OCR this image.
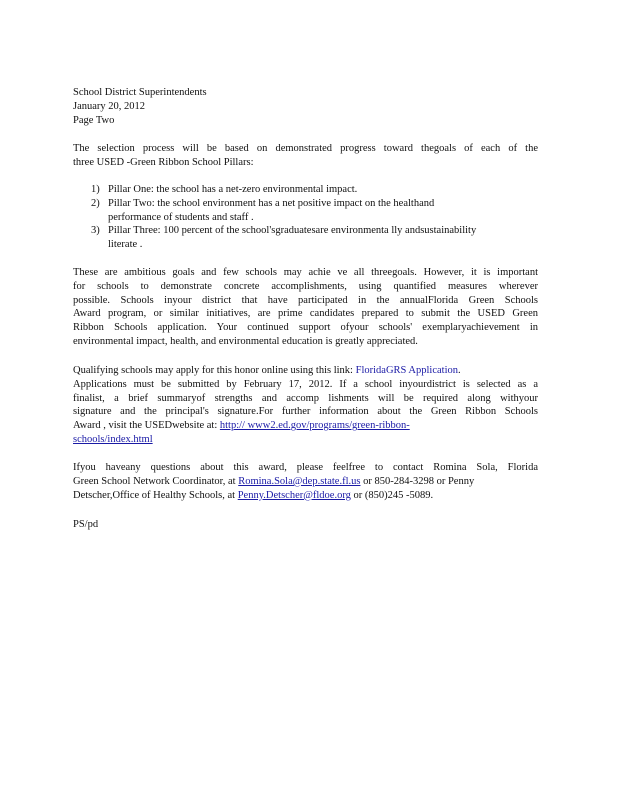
School District Superintendents
January 20, 2012
Page Two
The selection process will be based on demonstrated progress toward thegoals of each of the
three USED -Green Ribbon School Pillars:
1) Pillar One: the school has a net-zero environmental impact.
2) Pillar Two: the school environment has a net positive impact on the healthand
performance of students and staff .
3) Pillar Three: 100 percent of the school'sgraduatesare environmenta lly andsustainability
literate .
These are ambitious goals and few schools may achie ve all threegoals. However, it is important
for schools to demonstrate concrete accomplishments, using quantified measures wherever
possible. Schools inyour district that have participated in the annualFlorida Green Schools
Award program, or similar initiatives, are prime candidates prepared to submit the USED Green
Ribbon Schools application. Your continued support ofyour schools' exemplaryachievement in
environmental impact, health, and environmental education is greatly appreciated.
Qualifying schools may apply for this honor online using this link: FloridaGRS Application.
Applications must be submitted by February 17, 2012. If a school inyourdistrict is selected as a
finalist, a brief summaryof strengths and accomp lishments will be required along withyour
signature and the principal's signature.For further information about the Green Ribbon Schools
Award , visit the USEDwebsite at: http:// www2.ed.gov/programs/green-ribbon-
schools/index.html
Ifyou haveany questions about this award, please feelfree to contact Romina Sola, Florida
Green School Network Coordinator, at Romina.Sola@dep.state.fl.us or 850-284-3298 or Penny
Detscher,Office of Healthy Schools, at Penny.Detscher@fldoe.org or (850)245 -5089.
PS/pd
